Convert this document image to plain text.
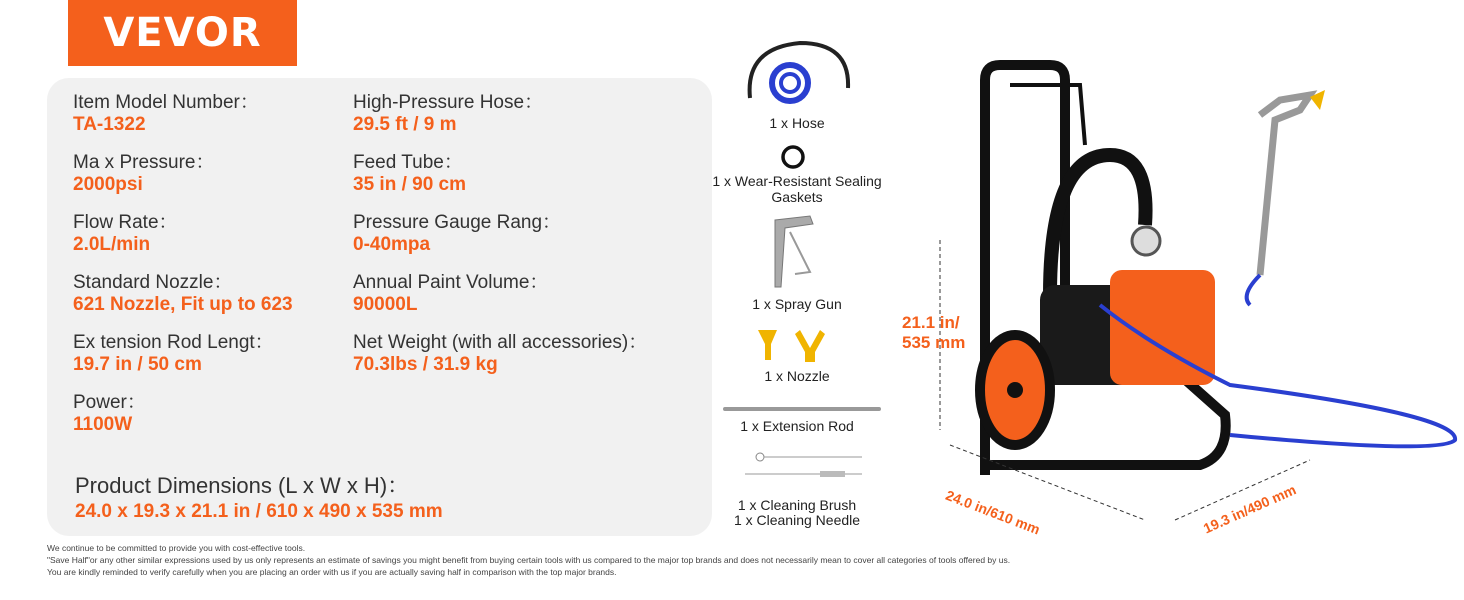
VEVOR
Item Model Number：
TA-1322
Ma x Pressure：
2000psi
Flow Rate：
2.0L/min
Standard Nozzle：
621 Nozzle, Fit up to 623
Ex tension Rod Lengt：
19.7 in / 50 cm
Power：
1100W
High-Pressure Hose：
29.5 ft / 9 m
Feed Tube：
35 in / 90 cm
Pressure Gauge Rang：
0-40mpa
Annual Paint Volume：
90000L
Net Weight (with all accessories)：
70.3lbs / 31.9 kg
Product Dimensions (L x W x H)：
24.0 x 19.3 x 21.1 in / 610 x 490 x 535 mm
1 x Hose
1 x Wear-Resistant Sealing Gaskets
1 x Spray Gun
1 x Nozzle
1 x Extension Rod
1 x Cleaning Brush
1 x Cleaning Needle
21.1 in/ 535 mm
24.0 in/610 mm	19.3 in/490 mm
We continue to be committed to provide you with cost-effective tools.
"Save Half"or any other similar expressions used by us only represents an estimate of savings you might benefit from buying certain tools with us compared to the major top brands and does not necessarily mean to cover all categories of tools offered by us.
You are kindly reminded to verify carefully when you are placing an order with us if you are actually saving half in comparison with the top major brands.
